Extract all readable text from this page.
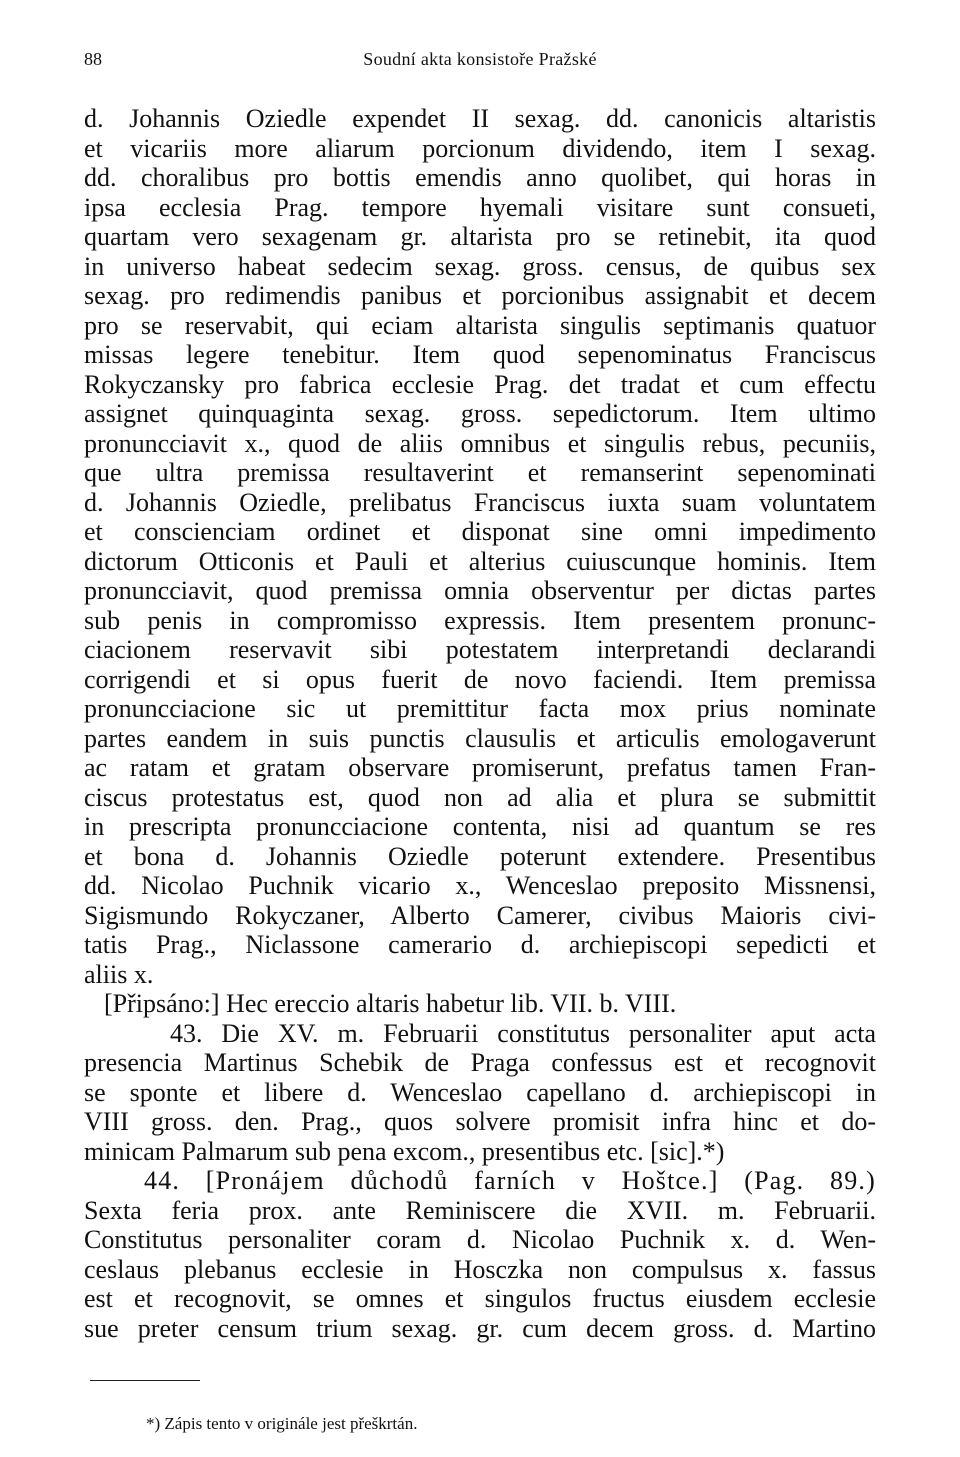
88	Soudní akta konsistoře Pražské
d. Johannis Oziedle expendet II sexag. dd. canonicis altaristis
et vicariis more aliarum porcionum dividendo, item I sexag.
dd. choralibus pro bottis emendis anno quolibet, qui horas in
ipsa ecclesia Prag. tempore hyemali visitare sunt consueti,
quartam vero sexagenam gr. altarista pro se retinebit, ita quod
in universo habeat sedecim sexag. gross. census, de quibus sex
sexag. pro redimendis panibus et porcionibus assignabit et decem
pro se reservabit, qui eciam altarista singulis septimanis quatuor
missas legere tenebitur. Item quod sepenominatus Franciscus
Rokyczansky pro fabrica ecclesie Prag. det tradat et cum effectu
assignet quinquaginta sexag. gross. sepedictorum. Item ultimo
pronuncciavit x., quod de aliis omnibus et singulis rebus, pecuniis,
que ultra premissa resultaverint et remanserint sepenominati
d. Johannis Oziedle, prelibatus Franciscus iuxta suam voluntatem
et conscienciam ordinet et disponat sine omni impedimento
dictorum Otticonis et Pauli et alterius cuiuscunque hominis. Item
pronuncciavit, quod premissa omnia observentur per dictas partes
sub penis in compromisso expressis. Item presentem pronunc-
ciacionem reservavit sibi potestatem interpretandi declarandi
corrigendi et si opus fuerit de novo faciendi. Item premissa
pronuncciacione sic ut premittitur facta mox prius nominate
partes eandem in suis punctis clausulis et articulis emologaverunt
ac ratam et gratam observare promiserunt, prefatus tamen Fran-
ciscus protestatus est, quod non ad alia et plura se submittit
in prescripta pronuncciacione contenta, nisi ad quantum se res
et bona d. Johannis Oziedle poterunt extendere. Presentibus
dd. Nicolao Puchnik vicario x., Wenceslao preposito Missnensi,
Sigismundo Rokyczaner, Alberto Camerer, civibus Maioris civi-
tatis Prag., Niclassone camerario d. archiepiscopi sepedicti et
aliis x.
[Připsáno:] Hec ereccio altaris habetur lib. VII. b. VIII.
43. Die XV. m. Februarii constitutus personaliter aput acta
presencia Martinus Schebik de Praga confessus est et recognovit
se sponte et libere d. Wenceslao capellano d. archiepiscopi in
VIII gross. den. Prag., quos solvere promisit infra hinc et do-
minicam Palmarum sub pena excom., presentibus etc. [sic].*)
44. [Pronájem důchodů farních v Hoštce.] (Pag. 89.)
Sexta feria prox. ante Reminiscere die XVII. m. Februarii.
Constitutus personaliter coram d. Nicolao Puchnik x. d. Wen-
ceslaus plebanus ecclesie in Hosczka non compulsus x. fassus
est et recognovit, se omnes et singulos fructus eiusdem ecclesie
sue preter censum trium sexag. gr. cum decem gross. d. Martino
*) Zápis tento v originále jest přeškrtán.
